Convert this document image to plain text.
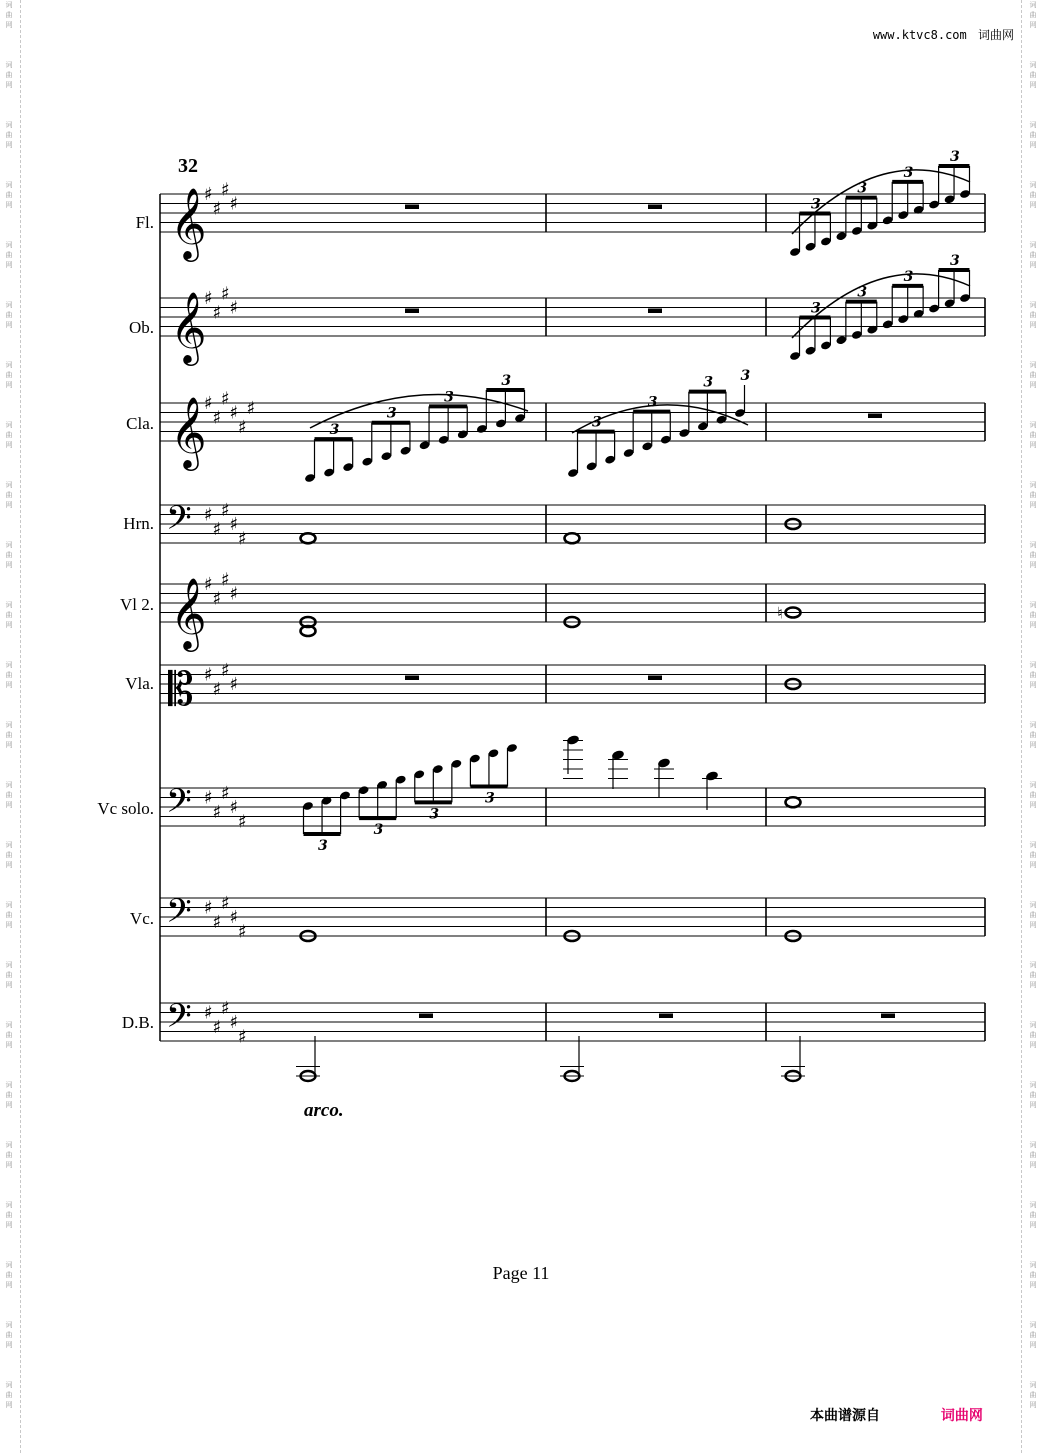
词
曲
网
词
曲
网
词
曲
网
词
曲
网
词
曲
网
词
曲
网
词
曲
网
词
曲
网
词
曲
网
词
曲
网
词
曲
网
词
曲
网
词
曲
网
词
曲
网
词
曲
网
词
曲
网
词
曲
网
词
曲
网
词
曲
网
词
曲
网
词
曲
网
词
曲
网
词
曲
网
词
曲
网
词
曲
网
词
曲
网
词
曲
网
词
曲
网
词
曲
网
词
曲
网
词
曲
网
词
曲
网
词
曲
网
词
曲
网
词
曲
网
词
曲
网
词
曲
网
词
曲
网
词
曲
网
词
曲
网
词
曲
网
词
曲
网
词
曲
网
词
曲
网
词
曲
网
词
曲
网
词
曲
网
词
曲
网
www.ktvc8.com 词曲网
32
Fl.
Ob.
Cla.
Hrn.
Vl 2.
Vla.
Vc solo.
Vc.
D.B.
𝄞
𝄞
𝄞
𝄢
𝄞
𝄡
𝄢
𝄢
𝄢
♯
♯
♯
♯
♯
♯
♯
♯
♯
♯
♯
♯
♯
♯
♯
♯
♯
♯
♯
♯
♯
♯
♯
♯
♯
♯
♯
♯
♯
♯
♯
♯
♯
♯
♯
♯
♯
♯
♯
♯
♯
♯
♮
3
3
3
3
3
3
3
3
3
3
3
3
3
3
3 3
3
3
3
3
arco.
Page 11
本曲谱源自	词曲网
